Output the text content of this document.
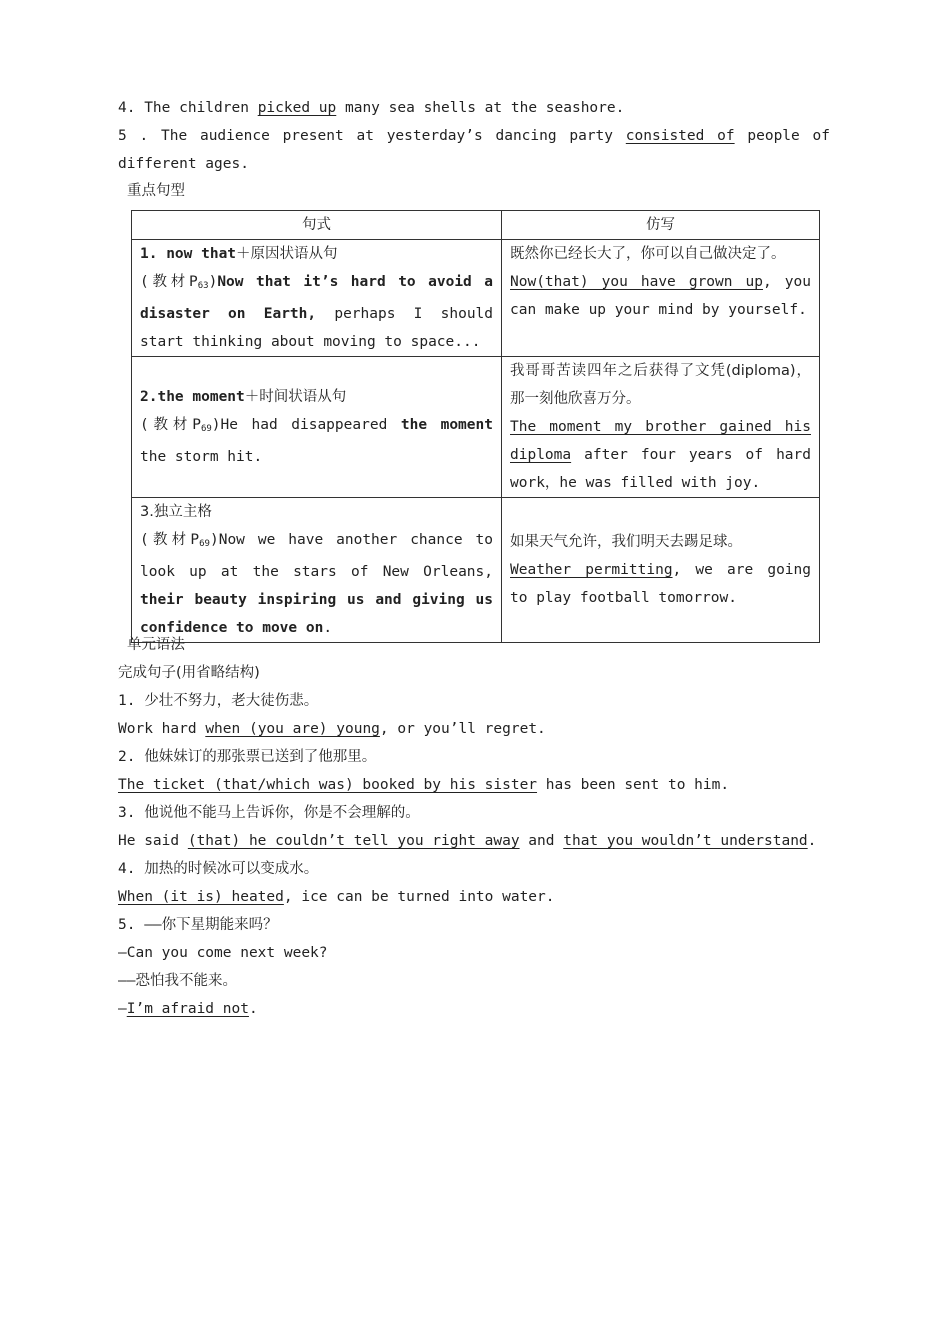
4. The children picked up many sea shells at the seashore.
5 . The audience present at yesterday’s dancing party consisted of people of
different ages.
重点句型
句式	仿写

1. now that＋原因状语从句
(教材$P_{63})Now$ that it’s hard to avoid a disaster on Earth, perhaps I should start thinking about moving to space...	既然你已经长大了，你可以自己做决定了。
Now(that) you have grown up, you can make up your mind by yourself.

2.the moment＋时间状语从句
(教材$P_{69})He$ had disappeared the moment the storm hit.	我哥哥苦读四年之后获得了文凭(diploma)，那一刻他欣喜万分。
The moment my brother gained his diploma after four years of hard work，he was filled with joy.

3.独立主格
(教材$P_{69})Now$ we have another chance to look up at the stars of New Orleans, their beauty inspiring us and giving us confidence to move on.	如果天气允许，我们明天去踢足球。
Weather permitting, we are going to play football tomorrow.
单元语法
完成句子(用省略结构)
1. 少壮不努力，老大徒伤悲。
Work hard when (you are) young, or you’ll regret.
2. 他妹妹订的那张票已送到了他那里。
The ticket (that/which was) booked by his sister has been sent to him.
3. 他说他不能马上告诉你，你是不会理解的。
He said (that) he couldn’t tell you right away and that you wouldn’t understand.
4. 加热的时候冰可以变成水。
When (it is) heated, ice can be turned into water.
5. ——你下星期能来吗？
—Can you come next week?
——恐怕我不能来。
—I’m afraid not.
